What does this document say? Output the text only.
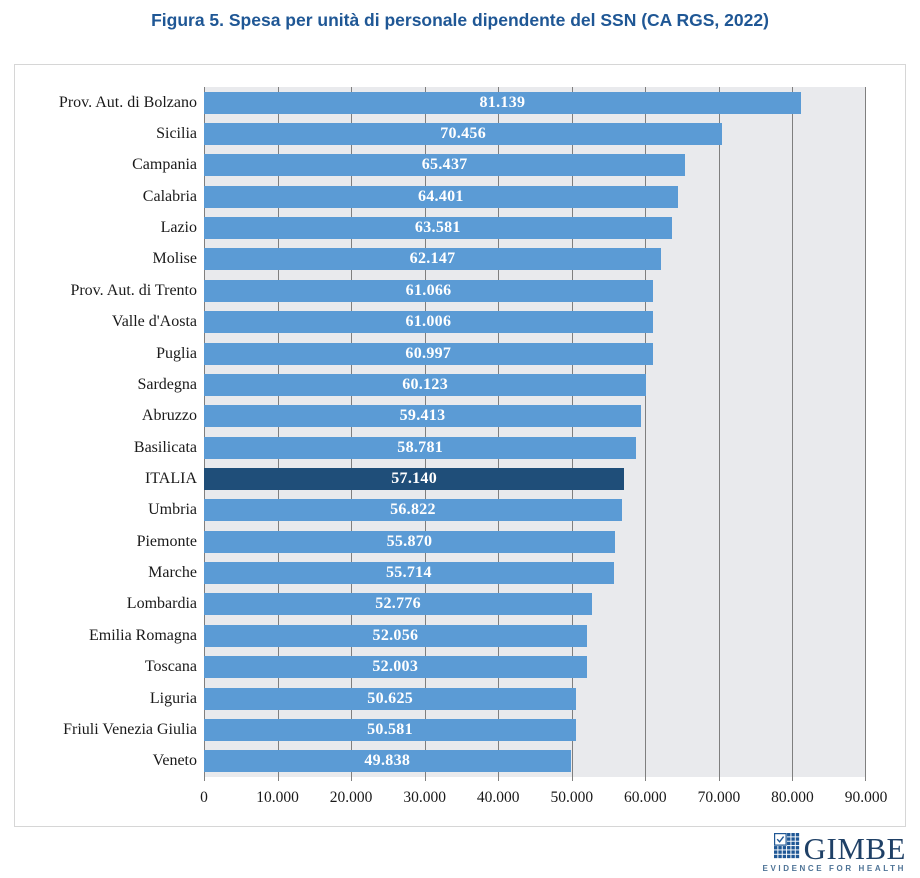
Figura 5. Spesa per unità di personale dipendente del SSN (CA RGS, 2022)
Prov. Aut. di Bolzano
Sicilia
Campania
Calabria
Lazio
Molise
Prov. Aut. di Trento
Valle d'Aosta
Puglia
Sardegna
Abruzzo
Basilicata
ITALIA
Umbria
Piemonte
Marche
Lombardia
Emilia Romagna
Toscana
Liguria
Friuli Venezia Giulia
Veneto
81.139
70.456
65.437
64.401
63.581
62.147
61.066
61.006
60.997
60.123
59.413
58.781
57.140
56.822
55.870
55.714
52.776
52.056
52.003
50.625
50.581
49.838
0	10.000 20.000 30.000 40.000 50.000 60.000 70.000 80.000 90.000
GIMBE
EVIDENCE FOR HEALTH
